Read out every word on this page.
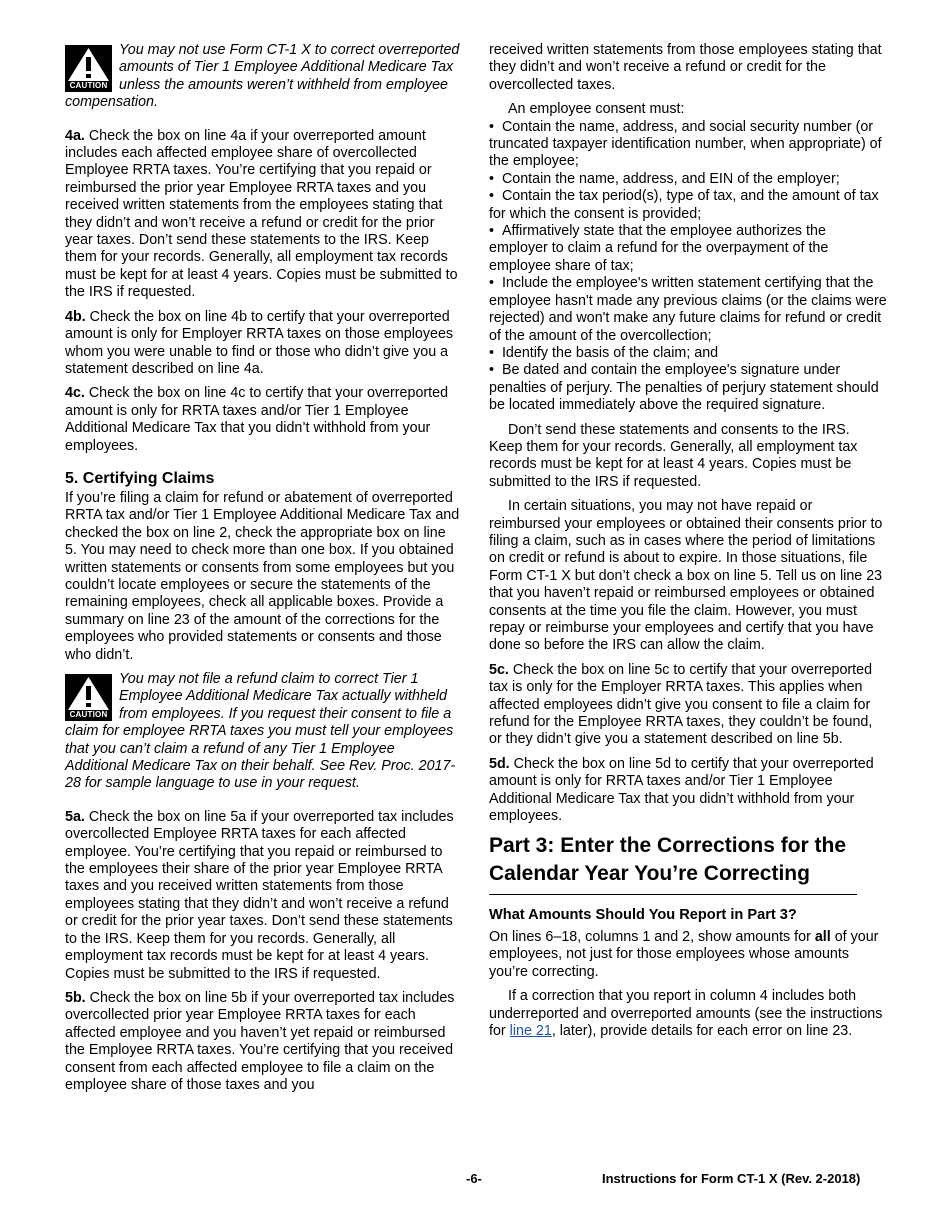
CAUTION
You may not use Form CT-1 X to correct overreported amounts of Tier 1 Employee Additional Medicare Tax unless the amounts weren’t withheld from employee compensation.

4a. Check the box on line 4a if your overreported amount includes each affected employee share of overcollected Employee RRTA taxes. You’re certifying that you repaid or reimbursed the prior year Employee RRTA taxes and you received written statements from the employees stating that they didn’t and won’t receive a refund or credit for the prior year taxes. Don’t send these statements to the IRS. Keep them for your records. Generally, all employment tax records must be kept for at least 4 years. Copies must be submitted to the IRS if requested.

4b. Check the box on line 4b to certify that your overreported amount is only for Employer RRTA taxes on those employees whom you were unable to find or those who didn’t give you a statement described on line 4a.

4c. Check the box on line 4c to certify that your overreported amount is only for RRTA taxes and/or Tier 1 Employee Additional Medicare Tax that you didn’t withhold from your employees.

5. Certifying Claims

If you’re filing a claim for refund or abatement of overreported RRTA tax and/or Tier 1 Employee Additional Medicare Tax and checked the box on line 2, check the appropriate box on line 5. You may need to check more than one box. If you obtained written statements or consents from some employees but you couldn’t locate employees or secure the statements of the remaining employees, check all applicable boxes. Provide a summary on line 23 of the amount of the corrections for the employees who provided statements or consents and those who didn’t.

CAUTION
You may not file a refund claim to correct Tier 1 Employee Additional Medicare Tax actually withheld from employees. If you request their consent to file a claim for employee RRTA taxes you must tell your employees that you can’t claim a refund of any Tier 1 Employee Additional Medicare Tax on their behalf. See Rev. Proc. 2017-28 for sample language to use in your request.

5a. Check the box on line 5a if your overreported tax includes overcollected Employee RRTA taxes for each affected employee. You’re certifying that you repaid or reimbursed to the employees their share of the prior year Employee RRTA taxes and you received written statements from those employees stating that they didn’t and won’t receive a refund or credit for the prior year taxes. Don’t send these statements to the IRS. Keep them for you records. Generally, all employment tax records must be kept for at least 4 years. Copies must be submitted to the IRS if requested.

5b. Check the box on line 5b if your overreported tax includes overcollected prior year Employee RRTA taxes for each affected employee and you haven’t yet repaid or reimbursed the Employee RRTA taxes. You’re certifying that you received consent from each affected employee to file a claim on the employee share of those taxes and you

received written statements from those employees stating that they didn’t and won’t receive a refund or credit for the overcollected taxes.

An employee consent must:

•  Contain the name, address, and social security number (or truncated taxpayer identification number, when appropriate) of the employee;

•  Contain the name, address, and EIN of the employer;

•  Contain the tax period(s), type of tax, and the amount of tax for which the consent is provided;

•  Affirmatively state that the employee authorizes the employer to claim a refund for the overpayment of the employee share of tax;

•  Include the employee's written statement certifying that the employee hasn't made any previous claims (or the claims were rejected) and won't make any future claims for refund or credit of the amount of the overcollection;

•  Identify the basis of the claim; and

•  Be dated and contain the employee's signature under penalties of perjury. The penalties of perjury statement should be located immediately above the required signature.

Don’t send these statements and consents to the IRS. Keep them for your records. Generally, all employment tax records must be kept for at least 4 years. Copies must be submitted to the IRS if requested.

In certain situations, you may not have repaid or reimbursed your employees or obtained their consents prior to filing a claim, such as in cases where the period of limitations on credit or refund is about to expire. In those situations, file Form CT-1 X but don’t check a box on line 5. Tell us on line 23 that you haven’t repaid or reimbursed employees or obtained consents at the time you file the claim. However, you must repay or reimburse your employees and certify that you have done so before the IRS can allow the claim.

5c. Check the box on line 5c to certify that your overreported tax is only for the Employer RRTA taxes. This applies when affected employees didn’t give you consent to file a claim for refund for the Employee RRTA taxes, they couldn’t be found, or they didn’t give you a statement described on line 5b.

5d. Check the box on line 5d to certify that your overreported amount is only for RRTA taxes and/or Tier 1 Employee Additional Medicare Tax that you didn’t withhold from your employees.

Part 3: Enter the Corrections for the Calendar Year You’re Correcting
What Amounts Should You Report in Part 3?

On lines 6–18, columns 1 and 2, show amounts for all of your employees, not just for those employees whose amounts you’re correcting.

If a correction that you report in column 4 includes both underreported and overreported amounts (see the instructions for line 21, later), provide details for each error on line 23.

-6-	Instructions for Form CT-1 X (Rev. 2-2018)
